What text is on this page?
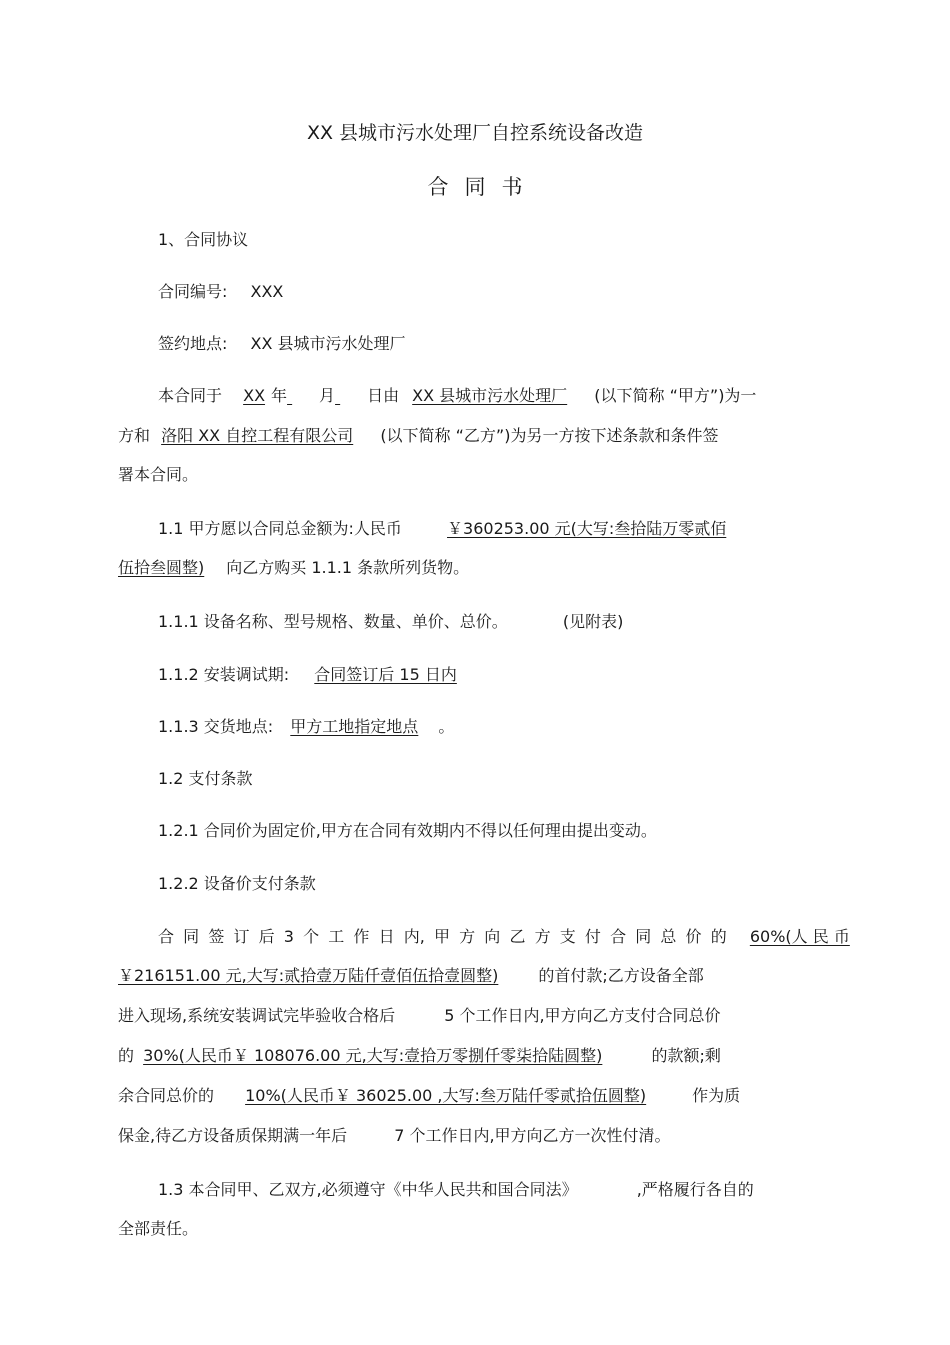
XX 县城市污水处理厂自控系统设备改造
合同书
1、合同协议
合同编号: XXX
签约地点: XX 县城市污水处理厂
本合同于 XX 年 月 日由 XX 县城市污水处理厂 (以下简称 “甲方”)为一
方和 洛阳 XX 自控工程有限公司 (以下简称 “乙方”)为另一方按下述条款和条件签
署本合同。
1.1 甲方愿以合同总金额为:人民币	￥360253.00 元(大写:叁拾陆万零贰佰
伍拾叁圆整) 向乙方购买 1.1.1 条款所列货物。
1.1.1 设备名称、型号规格、数量、单价、总价。	(见附表)
1.1.2 安装调试期: 合同签订后 15 日内
1.1.3 交货地点: 甲方工地指定地点 。
1.2 支付条款
1.2.1 合同价为固定价,甲方在合同有效期内不得以任何理由提出变动。
1.2.2 设备价支付条款
合 同 签 订 后 3 个 工 作 日 内, 甲 方 向 乙 方 支 付 合 同 总 价 的 60%(人 民 币
￥216151.00 元,大写:贰拾壹万陆仟壹佰伍拾壹圆整)	的首付款;乙方设备全部
进入现场,系统安装调试完毕验收合格后	5 个工作日内,甲方向乙方支付合同总价
的 30%(人民币￥ 108076.00 元,大写:壹拾万零捌仟零柒拾陆圆整)	的款额;剩
余合同总价的 10%(人民币￥ 36025.00 ,大写:叁万陆仟零贰拾伍圆整)	作为质
保金,待乙方设备质保期满一年后	7 个工作日内,甲方向乙方一次性付清。
1.3 本合同甲、乙双方,必须遵守《中华人民共和国合同法》	,严格履行各自的
全部责任。
